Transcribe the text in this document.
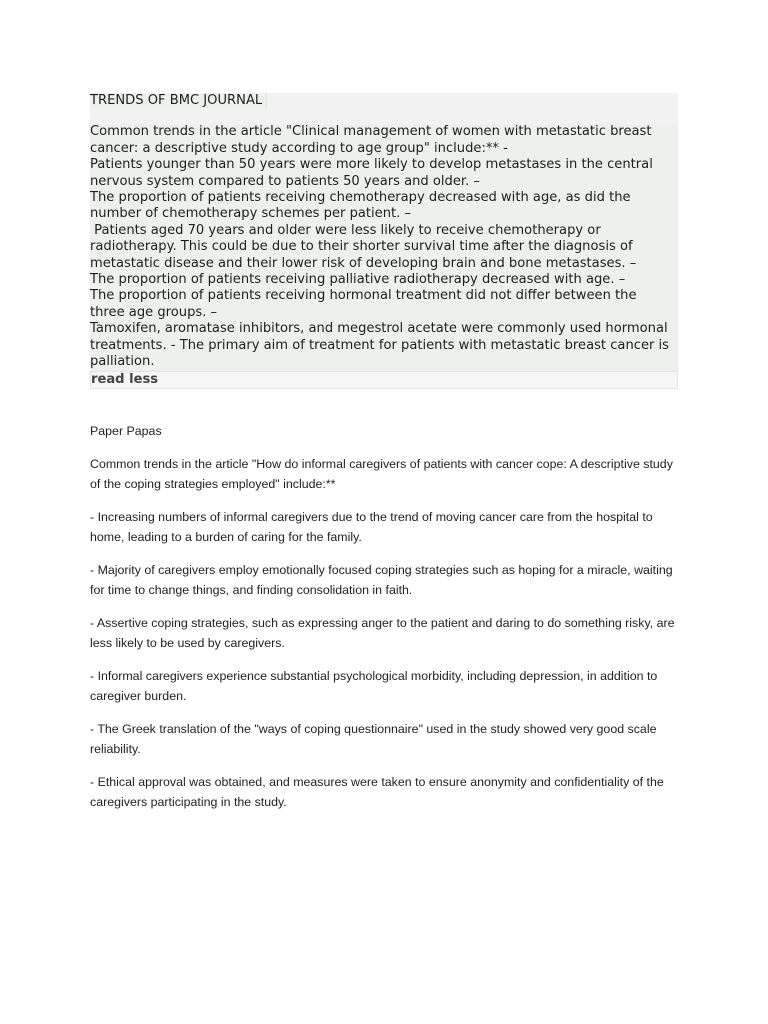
TRENDS OF BMC JOURNAL
Common trends in the article "Clinical management of women with metastatic breast
cancer: a descriptive study according to age group" include:** -
Patients younger than 50 years were more likely to develop metastases in the central
nervous system compared to patients 50 years and older. –
The proportion of patients receiving chemotherapy decreased with age, as did the
number of chemotherapy schemes per patient. –
Patients aged 70 years and older were less likely to receive chemotherapy or
radiotherapy. This could be due to their shorter survival time after the diagnosis of
metastatic disease and their lower risk of developing brain and bone metastases. –
The proportion of patients receiving palliative radiotherapy decreased with age. –
The proportion of patients receiving hormonal treatment did not differ between the
three age groups. –
Tamoxifen, aromatase inhibitors, and megestrol acetate were commonly used hormonal
treatments. - The primary aim of treatment for patients with metastatic breast cancer is
palliation.
read less

Paper Papas

Common trends in the article "How do informal caregivers of patients with cancer cope: A descriptive study of the coping strategies employed" include:**

- Increasing numbers of informal caregivers due to the trend of moving cancer care from the hospital to home, leading to a burden of caring for the family.

- Majority of caregivers employ emotionally focused coping strategies such as hoping for a miracle, waiting for time to change things, and finding consolidation in faith.

- Assertive coping strategies, such as expressing anger to the patient and daring to do something risky, are less likely to be used by caregivers.

- Informal caregivers experience substantial psychological morbidity, including depression, in addition to caregiver burden.

- The Greek translation of the "ways of coping questionnaire" used in the study showed very good scale reliability.

- Ethical approval was obtained, and measures were taken to ensure anonymity and confidentiality of the caregivers participating in the study.
